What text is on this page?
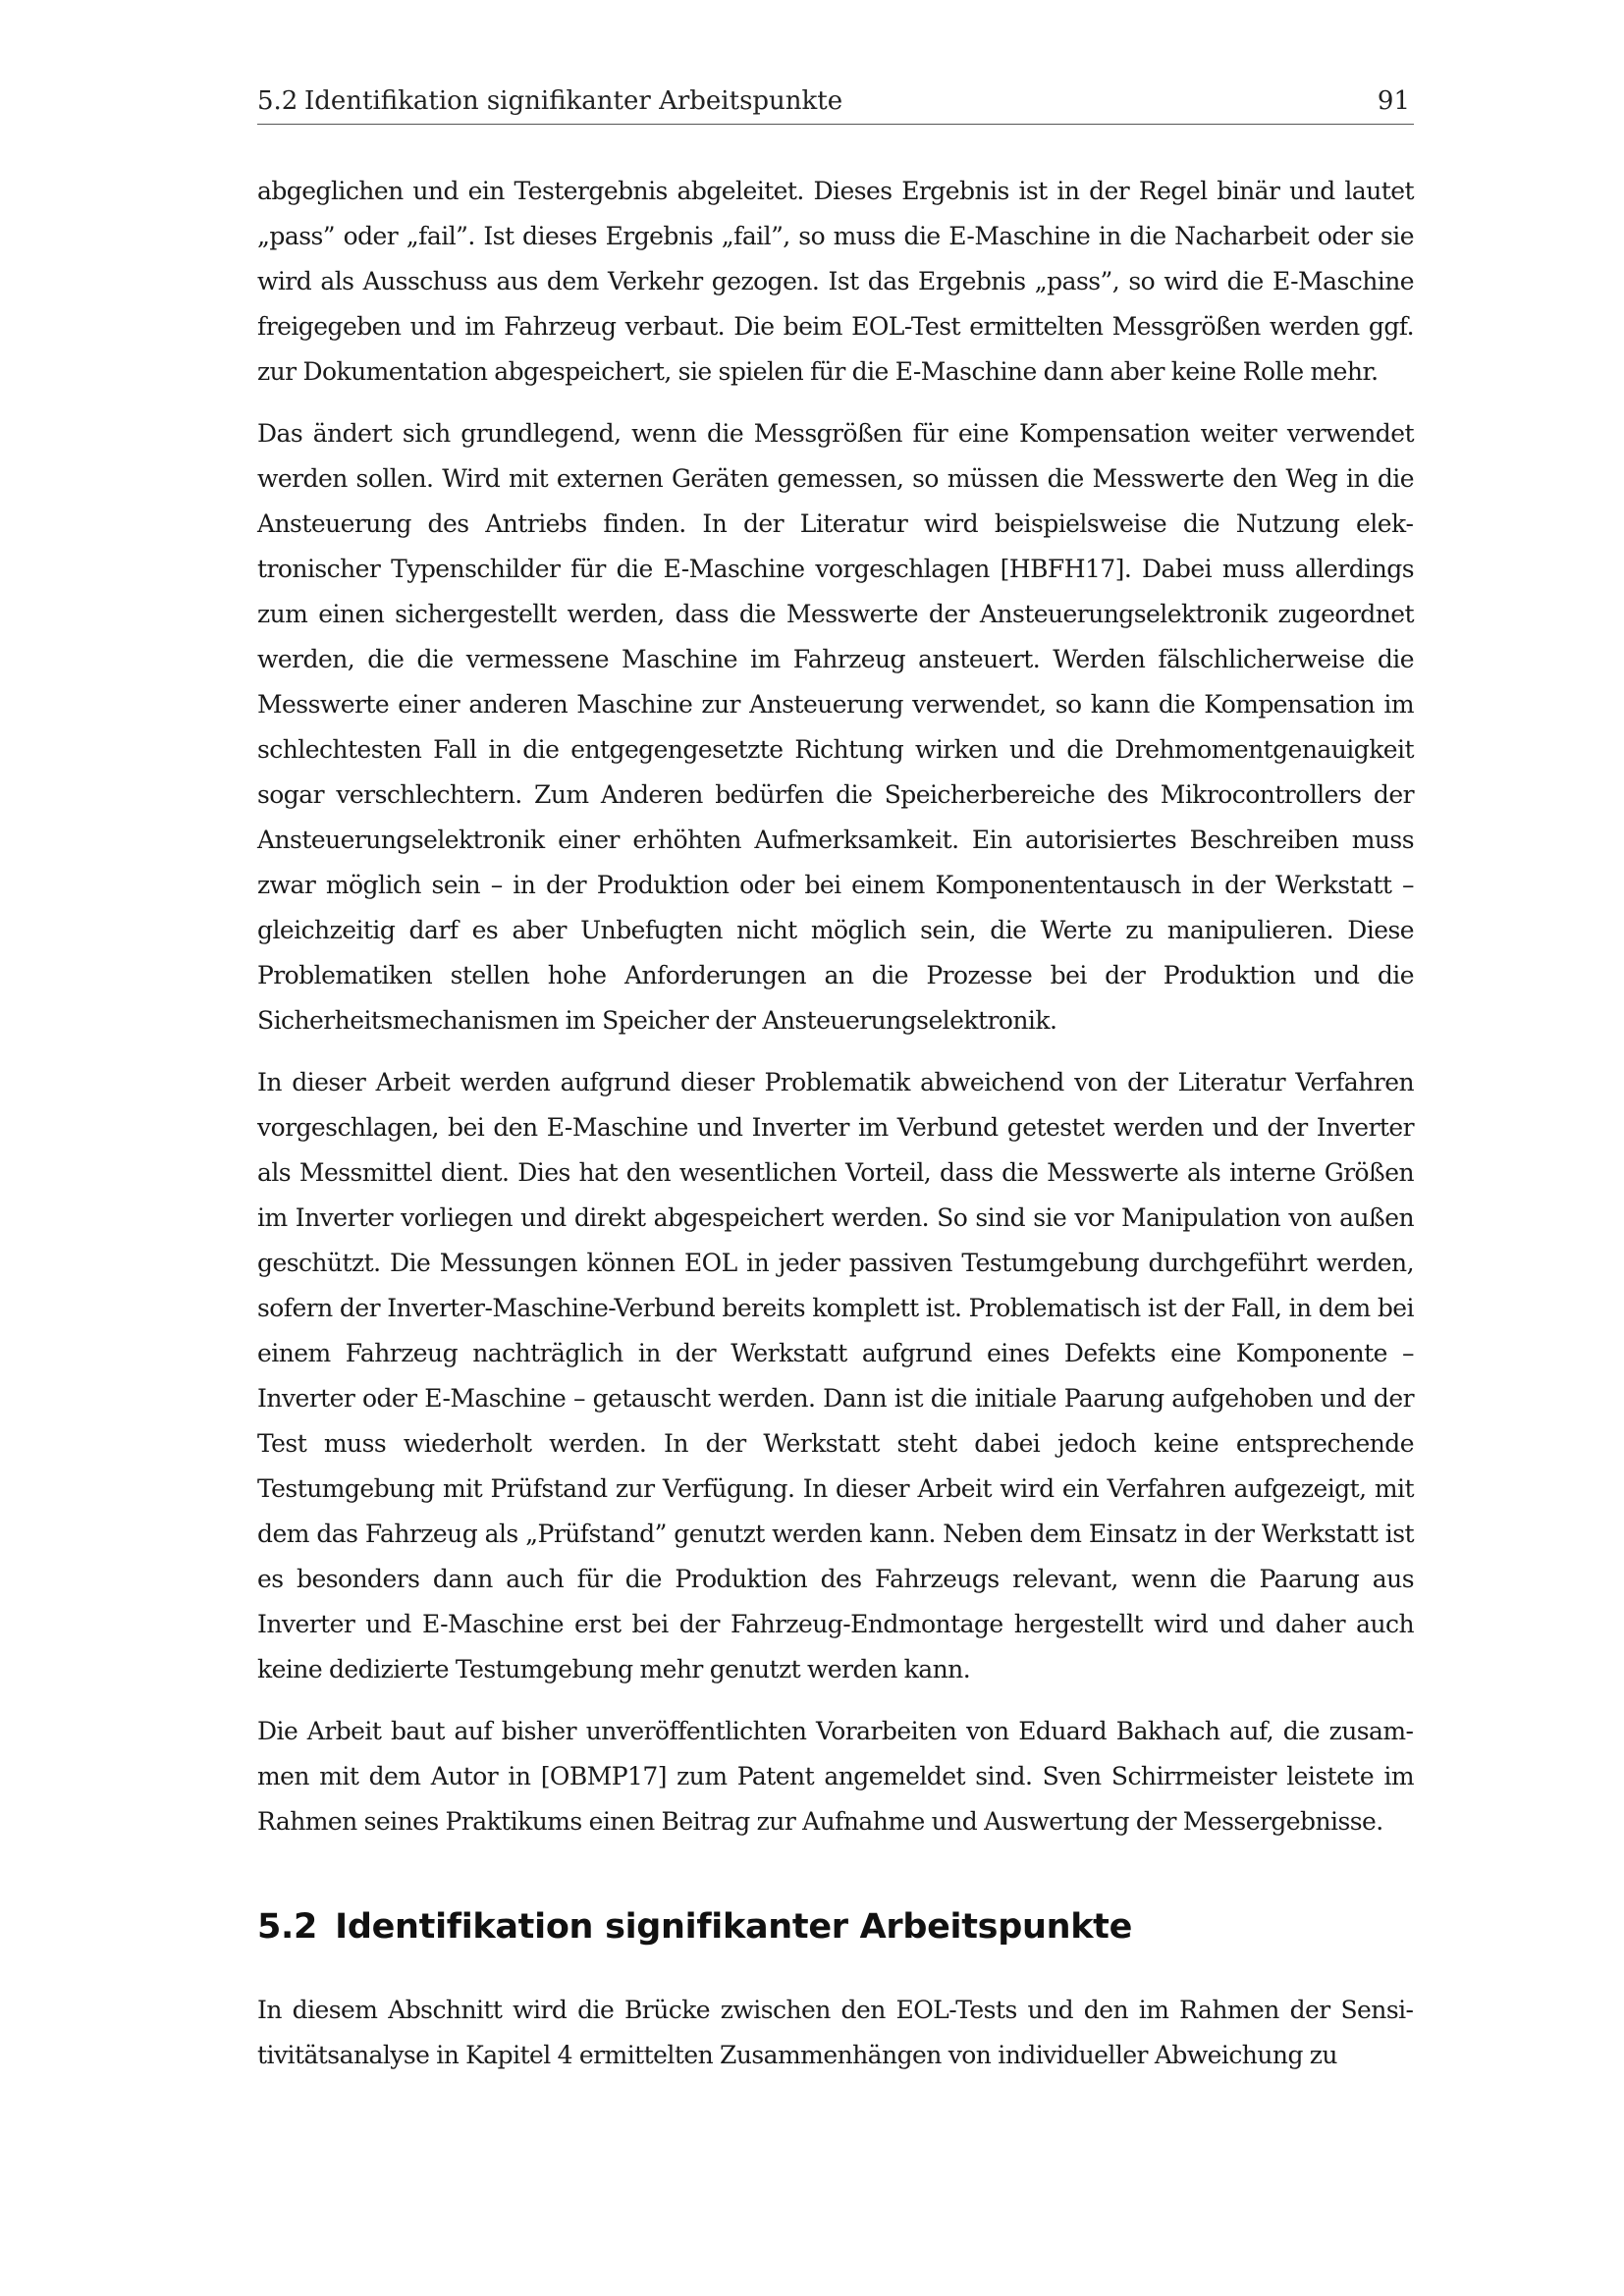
5.2 Identifikation signifikanter Arbeitspunkte	91

abgeglichen und ein Testergebnis abgeleitet. Dieses Ergebnis ist in der Regel binär und lautet „pass” oder „fail”. Ist dieses Ergebnis „fail”, so muss die E-Maschine in die Nacharbeit oder sie wird als Ausschuss aus dem Verkehr gezogen. Ist das Ergebnis „pass”, so wird die E-Maschine freigegeben und im Fahrzeug verbaut. Die beim EOL-Test ermittelten Messgrößen werden ggf. zur Dokumentation abgespeichert, sie spielen für die E-Maschine dann aber keine Rolle mehr.

Das ändert sich grundlegend, wenn die Messgrößen für eine Kompensation weiter verwendet werden sollen. Wird mit externen Geräten gemessen, so müssen die Messwerte den Weg in die Ansteuerung des Antriebs finden. In der Literatur wird beispielsweise die Nutzung elektronischer Typenschilder für die E-Maschine vorgeschlagen [HBFH17]. Dabei muss allerdings zum einen sichergestellt werden, dass die Messwerte der Ansteuerungselektronik zugeordnet werden, die die vermessene Maschine im Fahrzeug ansteuert. Werden fälschlicherweise die Messwerte einer anderen Maschine zur Ansteuerung verwendet, so kann die Kompensation im schlechtesten Fall in die entgegengesetzte Richtung wirken und die Drehmomentgenauigkeit sogar verschlechtern. Zum Anderen bedürfen die Speicherbereiche des Mikrocontrollers der Ansteuerungselektronik einer erhöhten Aufmerksamkeit. Ein autorisiertes Beschreiben muss zwar möglich sein – in der Produktion oder bei einem Komponententausch in der Werkstatt – gleichzeitig darf es aber Unbefugten nicht möglich sein, die Werte zu manipulieren. Diese Problematiken stellen hohe Anforderungen an die Prozesse bei der Produktion und die Sicherheitsmechanismen im Speicher der Ansteuerungselektronik.

In dieser Arbeit werden aufgrund dieser Problematik abweichend von der Literatur Verfahren vorgeschlagen, bei den E-Maschine und Inverter im Verbund getestet werden und der Inverter als Messmittel dient. Dies hat den wesentlichen Vorteil, dass die Messwerte als interne Größen im Inverter vorliegen und direkt abgespeichert werden. So sind sie vor Manipulation von außen geschützt. Die Messungen können EOL in jeder passiven Testumgebung durchgeführt werden, sofern der Inverter-Maschine-Verbund bereits komplett ist. Problematisch ist der Fall, in dem bei einem Fahrzeug nachträglich in der Werkstatt aufgrund eines Defekts eine Komponente – Inverter oder E-Maschine – getauscht werden. Dann ist die initiale Paarung aufgehoben und der Test muss wiederholt werden. In der Werkstatt steht dabei jedoch keine entsprechende Testumgebung mit Prüfstand zur Verfügung. In dieser Arbeit wird ein Verfahren aufgezeigt, mit dem das Fahrzeug als „Prüfstand” genutzt werden kann. Neben dem Einsatz in der Werkstatt ist es besonders dann auch für die Produktion des Fahrzeugs relevant, wenn die Paarung aus Inverter und E-Maschine erst bei der Fahrzeug-Endmontage hergestellt wird und daher auch keine dedizierte Testumgebung mehr genutzt werden kann.

Die Arbeit baut auf bisher unveröffentlichten Vorarbeiten von Eduard Bakhach auf, die zusammen mit dem Autor in [OBMP17] zum Patent angemeldet sind. Sven Schirrmeister leistete im Rahmen seines Praktikums einen Beitrag zur Aufnahme und Auswertung der Messergebnisse.

5.2 Identifikation signifikanter Arbeitspunkte

In diesem Abschnitt wird die Brücke zwischen den EOL-Tests und den im Rahmen der Sensitivitätsanalyse in Kapitel 4 ermittelten Zusammenhängen von individueller Abweichung zu
